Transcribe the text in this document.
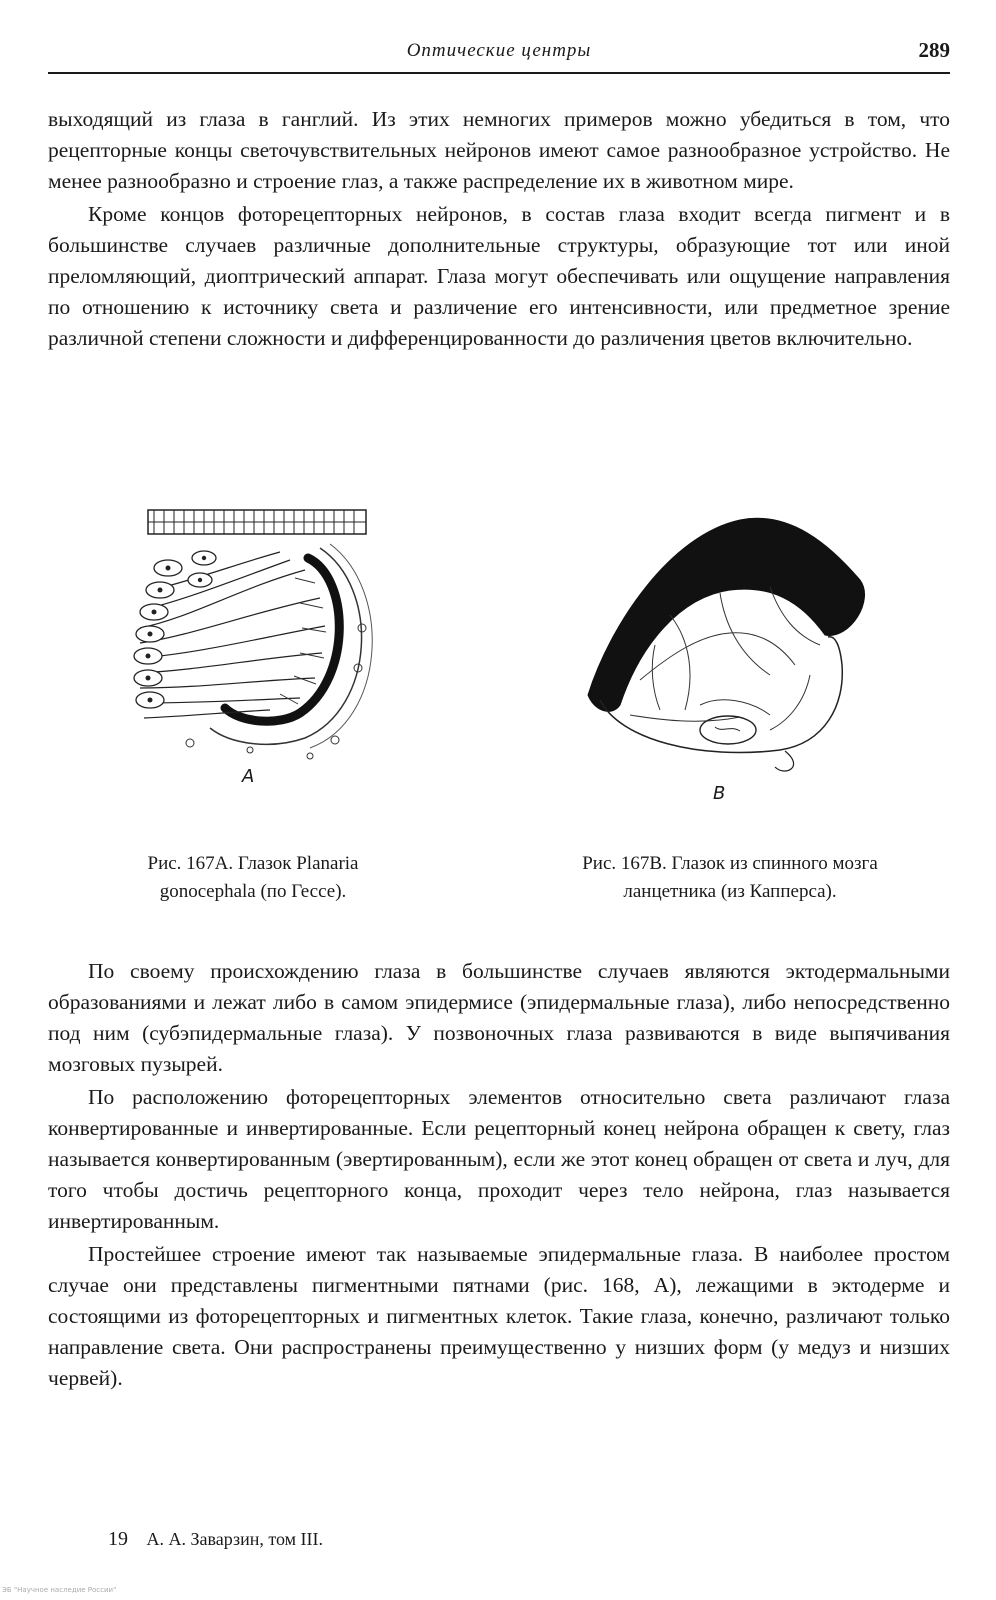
Оптические центры	289

выходящий из глаза в ганглий. Из этих немногих примеров можно убедиться в том, что рецепторные концы светочувствительных нейронов имеют самое разнообразное устройство. Не менее разнообразно и строение глаз, а также распределение их в животном мире.

Кроме концов фоторецепторных нейронов, в состав глаза входит всегда пигмент и в большинстве случаев различные дополнительные структуры, образующие тот или иной преломляющий, диоптрический аппарат. Глаза могут обеспечивать или ощущение направления по отношению к источнику света и различение его интенсивности, или предметное зрение различной степени сложности и дифференцированности до различения цветов включительно.

А
В
Рис. 167А. Глазок Planaria gonocephala (по Гессе).
Рис. 167В. Глазок из спинного мозга ланцетника (из Капперса).

По своему происхождению глаза в большинстве случаев являются эктодермальными образованиями и лежат либо в самом эпидермисе (эпидермальные глаза), либо непосредственно под ним (субэпидермальные глаза). У позвоночных глаза развиваются в виде выпячивания мозговых пузырей.

По расположению фоторецепторных элементов относительно света различают глаза конвертированные и инвертированные. Если рецепторный конец нейрона обращен к свету, глаз называется конвертированным (эвертированным), если же этот конец обращен от света и луч, для того чтобы достичь рецепторного конца, проходит через тело нейрона, глаз называется инвертированным.

Простейшее строение имеют так называемые эпидермальные глаза. В наиболее простом случае они представлены пигментными пятнами (рис. 168, А), лежащими в эктодерме и состоящими из фоторецепторных и пигментных клеток. Такие глаза, конечно, различают только направление света. Они распространены преимущественно у низших форм (у медуз и низших червей).

19 А. А. Заварзин, том III.
ЭБ "Научное наследие России"
